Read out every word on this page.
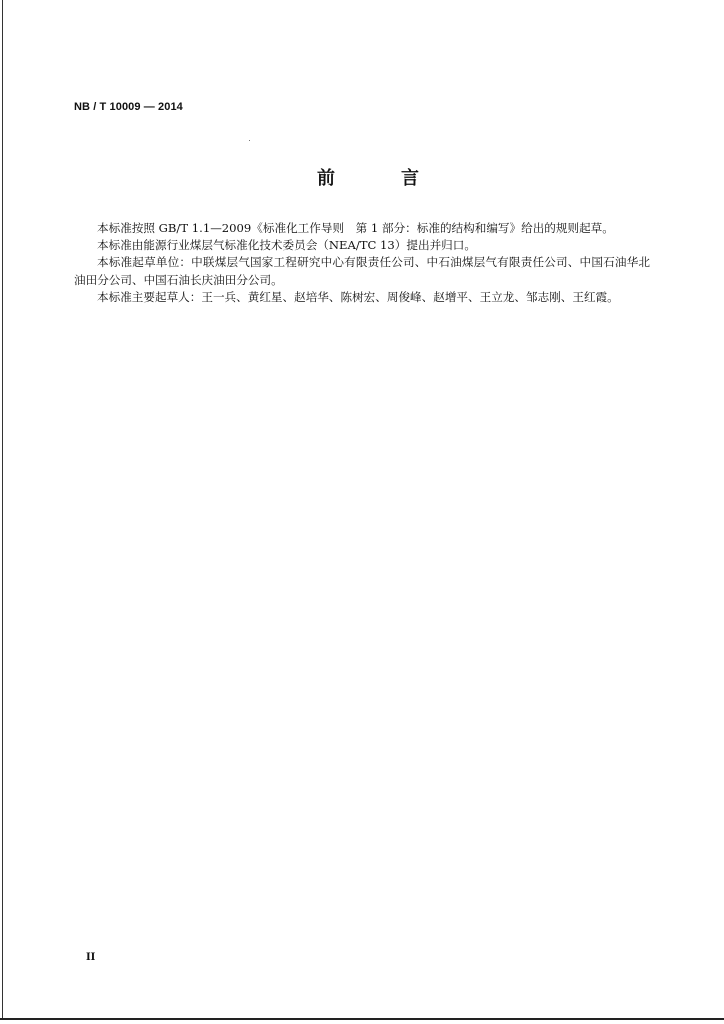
NB / T 10009 — 2014
前　言

本标准按照 GB/T 1.1—2009《标准化工作导则　第 1 部分：标准的结构和编写》给出的规则起草。

本标准由能源行业煤层气标准化技术委员会（NEA/TC 13）提出并归口。

本标准起草单位：中联煤层气国家工程研究中心有限责任公司、中石油煤层气有限责任公司、中国石油华北油田分公司、中国石油长庆油田分公司。

本标准主要起草人：王一兵、黄红星、赵培华、陈树宏、周俊峰、赵增平、王立龙、邹志刚、王红霞。

II
